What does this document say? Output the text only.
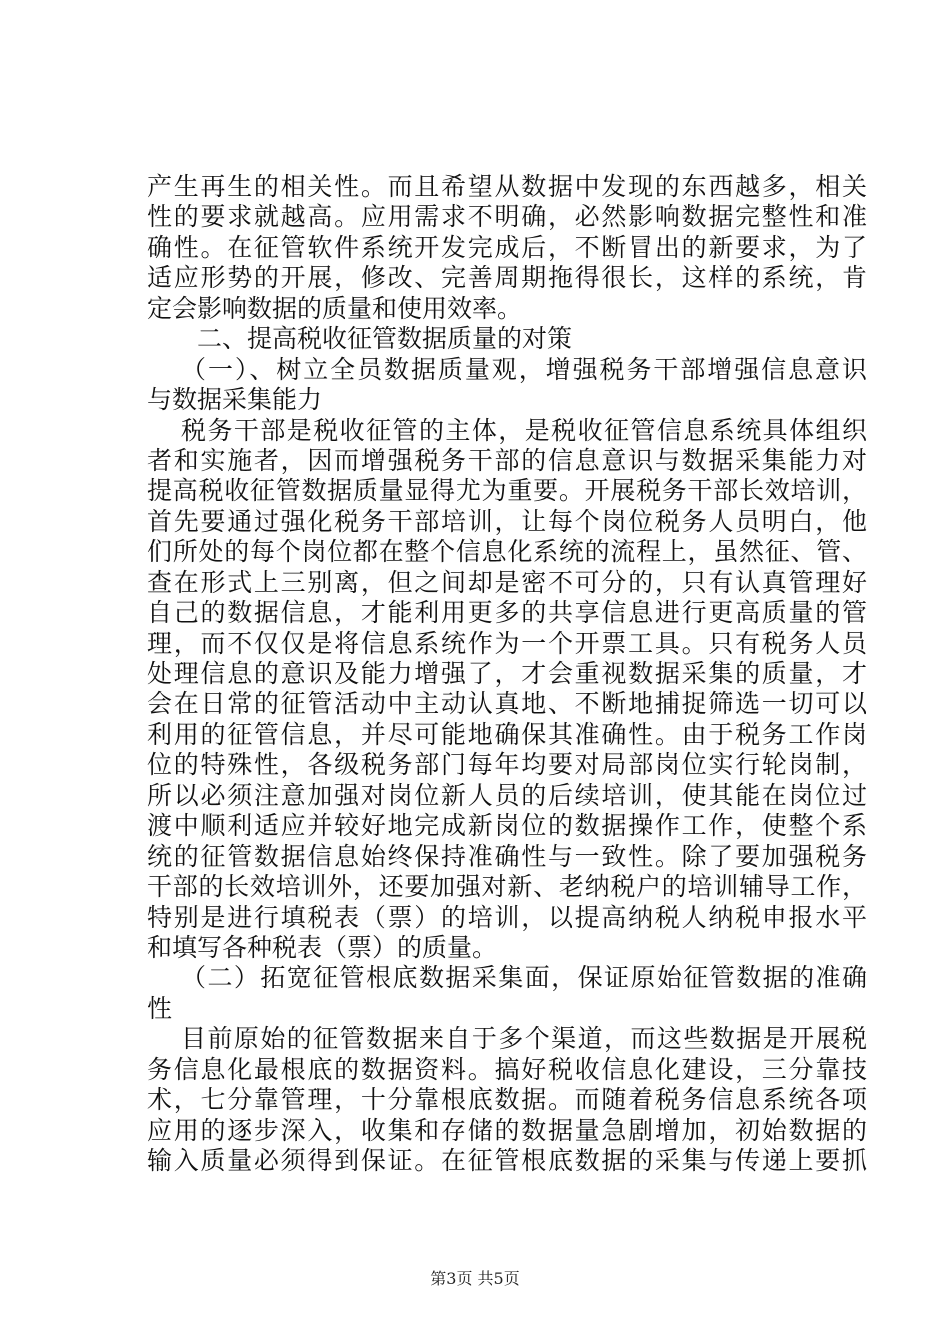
产生再生的相关性。而且希望从数据中发现的东西越多，相关
性的要求就越高。应用需求不明确，必然影响数据完整性和准
确性。在征管软件系统开发完成后，不断冒出的新要求，为了
适应形势的开展，修改、完善周期拖得很长，这样的系统，肯
定会影响数据的质量和使用效率。
二、提高税收征管数据质量的对策
（一）、树立全员数据质量观，增强税务干部增强信息意识
与数据采集能力
税务干部是税收征管的主体，是税收征管信息系统具体组织
者和实施者，因而增强税务干部的信息意识与数据采集能力对
提高税收征管数据质量显得尤为重要。开展税务干部长效培训，
首先要通过强化税务干部培训，让每个岗位税务人员明白，他
们所处的每个岗位都在整个信息化系统的流程上，虽然征、管、
查在形式上三别离，但之间却是密不可分的，只有认真管理好
自己的数据信息，才能利用更多的共享信息进行更高质量的管
理，而不仅仅是将信息系统作为一个开票工具。只有税务人员
处理信息的意识及能力增强了，才会重视数据采集的质量，才
会在日常的征管活动中主动认真地、不断地捕捉筛选一切可以
利用的征管信息，并尽可能地确保其准确性。由于税务工作岗
位的特殊性，各级税务部门每年均要对局部岗位实行轮岗制，
所以必须注意加强对岗位新人员的后续培训，使其能在岗位过
渡中顺利适应并较好地完成新岗位的数据操作工作，使整个系
统的征管数据信息始终保持准确性与一致性。除了要加强税务
干部的长效培训外，还要加强对新、老纳税户的培训辅导工作，
特别是进行填税表（票）的培训，以提高纳税人纳税申报水平
和填写各种税表（票）的质量。
（二）拓宽征管根底数据采集面，保证原始征管数据的准确
性
目前原始的征管数据来自于多个渠道，而这些数据是开展税
务信息化最根底的数据资料。搞好税收信息化建设，三分靠技
术，七分靠管理，十分靠根底数据。而随着税务信息系统各项
应用的逐步深入，收集和存储的数据量急剧增加，初始数据的
输入质量必须得到保证。在征管根底数据的采集与传递上要抓
第3页 共5页
